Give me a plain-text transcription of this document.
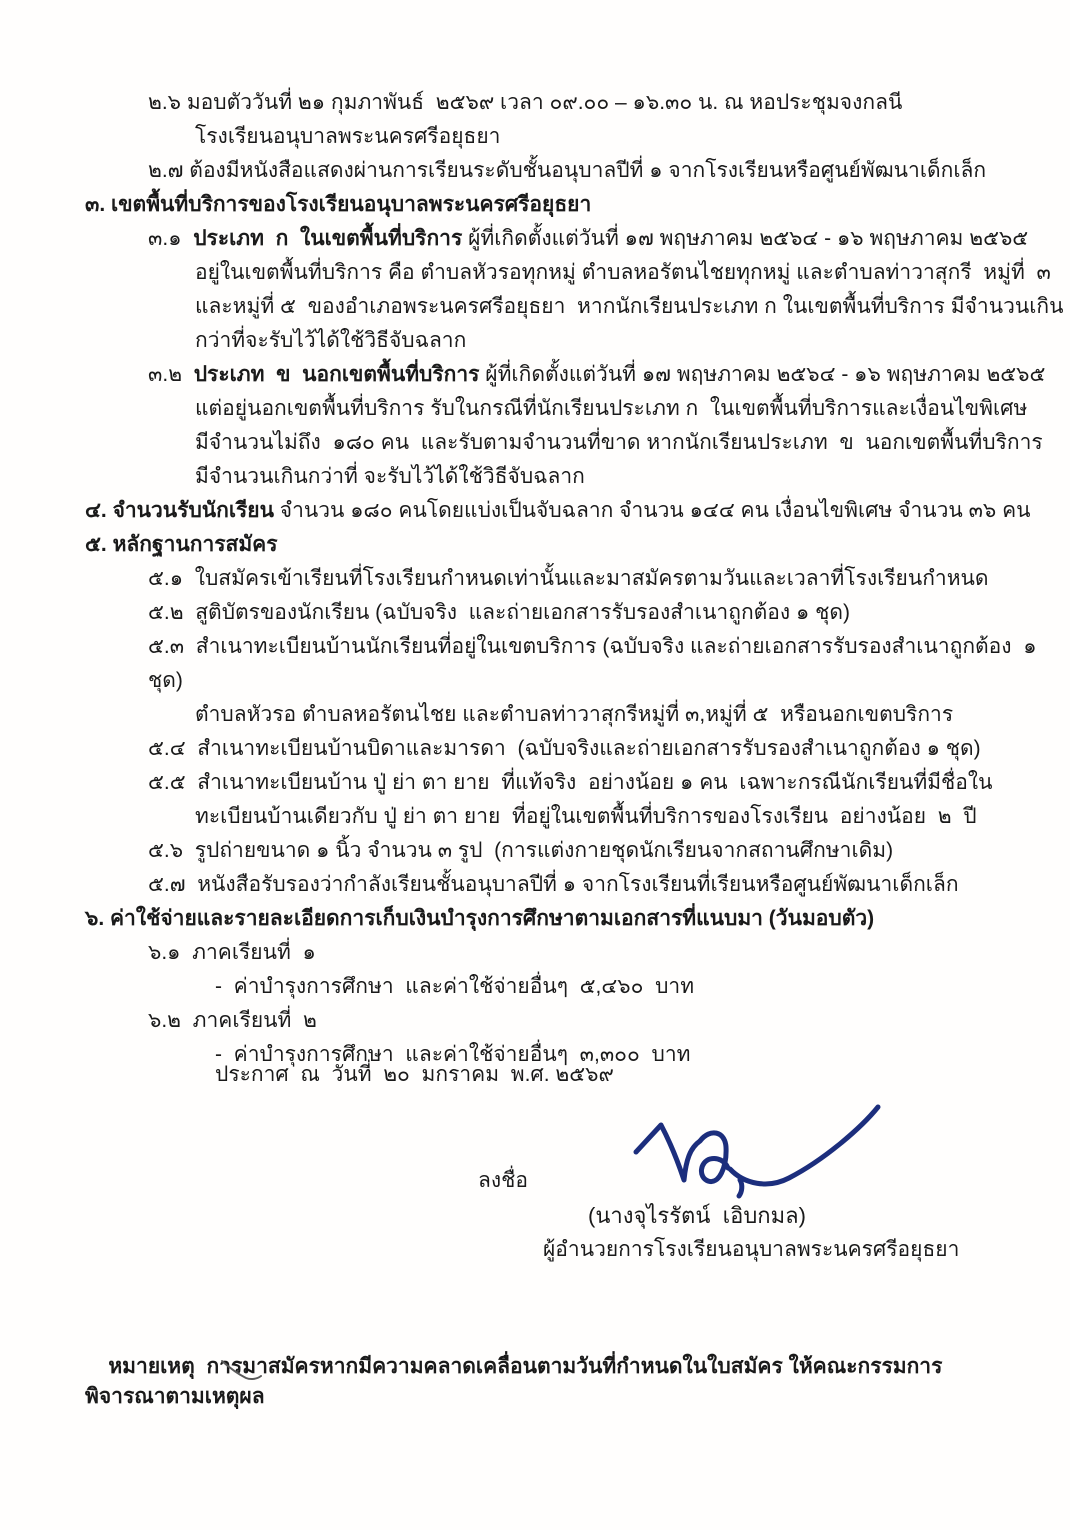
๒.๖ มอบตัววันที่ ๒๑ กุมภาพันธ์  ๒๕๖๙ เวลา ๐๙.๐๐ – ๑๖.๓๐ น. ณ หอประชุมจงกลนี
โรงเรียนอนุบาลพระนครศรีอยุธยา
๒.๗ ต้องมีหนังสือแสดงผ่านการเรียนระดับชั้นอนุบาลปีที่ ๑ จากโรงเรียนหรือศูนย์พัฒนาเด็กเล็ก
๓. เขตพื้นที่บริการของโรงเรียนอนุบาลพระนครศรีอยุธยา
๓.๑  ประเภท  ก  ในเขตพื้นที่บริการ ผู้ที่เกิดตั้งแต่วันที่ ๑๗ พฤษภาคม ๒๕๖๔ - ๑๖ พฤษภาคม ๒๕๖๕
อยู่ในเขตพื้นที่บริการ คือ ตำบลหัวรอทุกหมู่ ตำบลหอรัตนไชยทุกหมู่ และตำบลท่าวาสุกรี  หมู่ที่  ๓
และหมู่ที่ ๕  ของอำเภอพระนครศรีอยุธยา  หากนักเรียนประเภท ก ในเขตพื้นที่บริการ มีจำนวนเกิน
กว่าที่จะรับไว้ได้ใช้วิธีจับฉลาก
๓.๒  ประเภท  ข  นอกเขตพื้นที่บริการ ผู้ที่เกิดตั้งแต่วันที่ ๑๗ พฤษภาคม ๒๕๖๔ - ๑๖ พฤษภาคม ๒๕๖๕
แต่อยู่นอกเขตพื้นที่บริการ รับในกรณีที่นักเรียนประเภท ก  ในเขตพื้นที่บริการและเงื่อนไขพิเศษ
มีจำนวนไม่ถึง  ๑๘๐ คน  และรับตามจำนวนที่ขาด หากนักเรียนประเภท  ข  นอกเขตพื้นที่บริการ
มีจำนวนเกินกว่าที่ จะรับไว้ได้ใช้วิธีจับฉลาก
๔. จำนวนรับนักเรียน จำนวน ๑๘๐ คนโดยแบ่งเป็นจับฉลาก จำนวน ๑๔๔ คน เงื่อนไขพิเศษ จำนวน ๓๖ คน
๕. หลักฐานการสมัคร
๕.๑  ใบสมัครเข้าเรียนที่โรงเรียนกำหนดเท่านั้นและมาสมัครตามวันและเวลาที่โรงเรียนกำหนด
๕.๒  สูติบัตรของนักเรียน (ฉบับจริง  และถ่ายเอกสารรับรองสำเนาถูกต้อง ๑ ชุด)
๕.๓  สำเนาทะเบียนบ้านนักเรียนที่อยู่ในเขตบริการ (ฉบับจริง และถ่ายเอกสารรับรองสำเนาถูกต้อง  ๑  ชุด)
ตำบลหัวรอ ตำบลหอรัตนไชย และตำบลท่าวาสุกรีหมู่ที่ ๓,หมู่ที่ ๕  หรือนอกเขตบริการ
๕.๔  สำเนาทะเบียนบ้านบิดาและมารดา  (ฉบับจริงและถ่ายเอกสารรับรองสำเนาถูกต้อง ๑ ชุด)
๕.๕  สำเนาทะเบียนบ้าน ปู่ ย่า ตา ยาย  ที่แท้จริง  อย่างน้อย ๑ คน  เฉพาะกรณีนักเรียนที่มีชื่อใน
ทะเบียนบ้านเดียวกับ ปู่ ย่า ตา ยาย  ที่อยู่ในเขตพื้นที่บริการของโรงเรียน  อย่างน้อย  ๒  ปี
๕.๖  รูปถ่ายขนาด ๑ นิ้ว จำนวน ๓ รูป  (การแต่งกายชุดนักเรียนจากสถานศึกษาเดิม)
๕.๗  หนังสือรับรองว่ากำลังเรียนชั้นอนุบาลปีที่ ๑ จากโรงเรียนที่เรียนหรือศูนย์พัฒนาเด็กเล็ก
๖. ค่าใช้จ่ายและรายละเอียดการเก็บเงินบำรุงการศึกษาตามเอกสารที่แนบมา (วันมอบตัว)
๖.๑  ภาคเรียนที่  ๑
-  ค่าบำรุงการศึกษา  และค่าใช้จ่ายอื่นๆ  ๕,๔๖๐  บาท
๖.๒  ภาคเรียนที่  ๒
-  ค่าบำรุงการศึกษา  และค่าใช้จ่ายอื่นๆ  ๓,๓๐๐  บาท
ประกาศ  ณ  วันที่  ๒๐  มกราคม  พ.ศ. ๒๕๖๙
ลงชื่อ
(นางจุไรรัตน์  เอิบกมล)
ผู้อำนวยการโรงเรียนอนุบาลพระนครศรีอยุธยา

หมายเหตุ  การมาสมัครหากมีความคลาดเคลื่อนตามวันที่กำหนดในใบสมัคร ให้คณะกรรมการพิจารณาตามเหตุผล
